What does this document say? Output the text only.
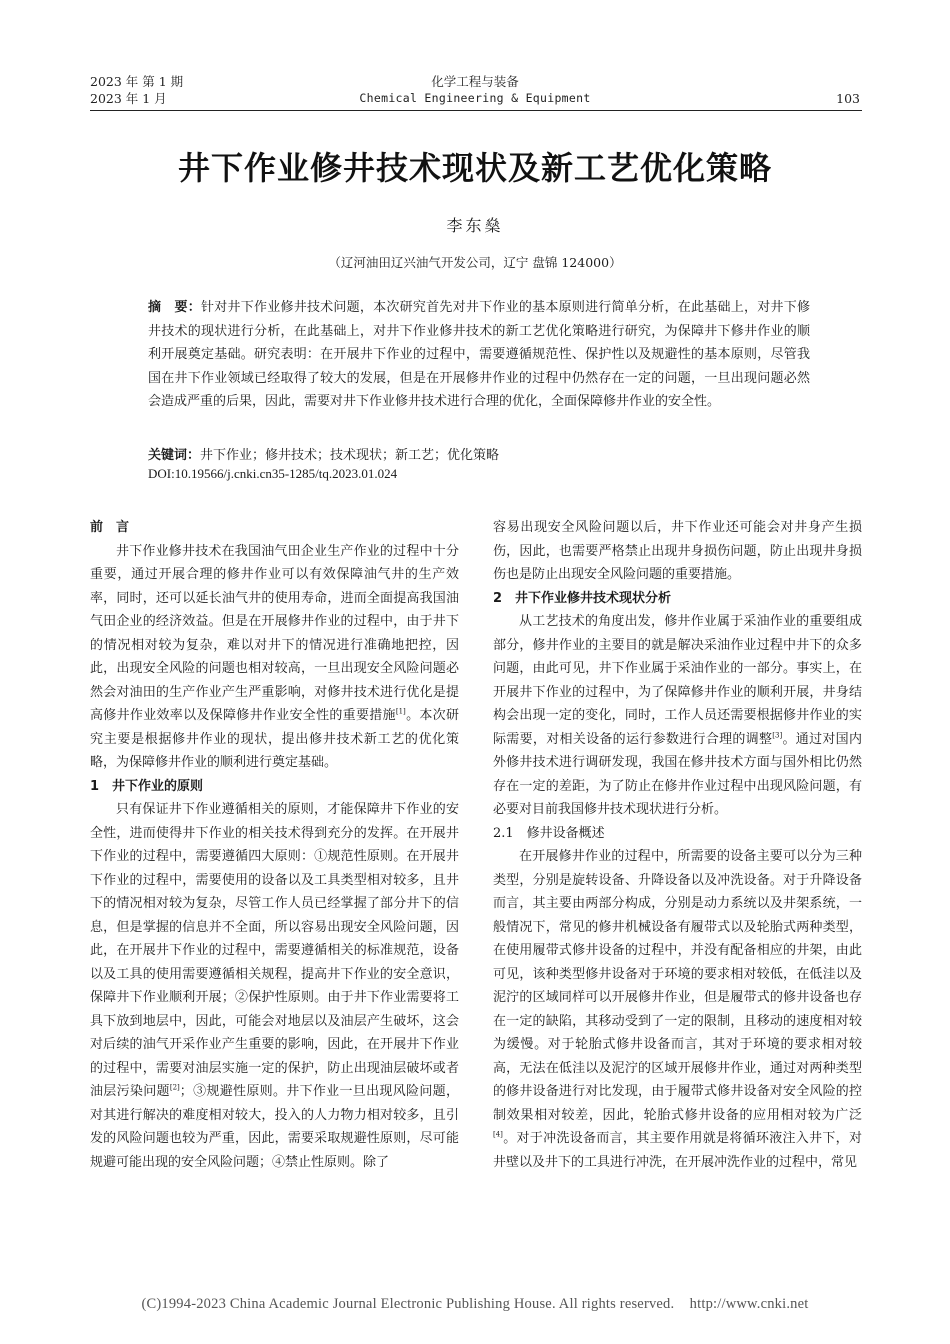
2023 年 第 1 期
2023 年 1 月
化学工程与装备
Chemical Engineering & Equipment	103
井下作业修井技术现状及新工艺优化策略
李东燊
（辽河油田辽兴油气开发公司，辽宁 盘锦 124000）
摘　要：针对井下作业修井技术问题，本次研究首先对井下作业的基本原则进行简单分析，在此基础上，对井下修井技术的现状进行分析，在此基础上，对井下作业修井技术的新工艺优化策略进行研究，为保障井下修井作业的顺利开展奠定基础。研究表明：在开展井下作业的过程中，需要遵循规范性、保护性以及规避性的基本原则，尽管我国在井下作业领域已经取得了较大的发展，但是在开展修井作业的过程中仍然存在一定的问题，一旦出现问题必然会造成严重的后果，因此，需要对井下作业修井技术进行合理的优化，全面保障修井作业的安全性。
关键词：井下作业；修井技术；技术现状；新工艺；优化策略
DOI:10.19566/j.cnki.cn35-1285/tq.2023.01.024

前　言

井下作业修井技术在我国油气田企业生产作业的过程中十分重要，通过开展合理的修井作业可以有效保障油气井的生产效率，同时，还可以延长油气井的使用寿命，进而全面提高我国油气田企业的经济效益。但是在开展修井作业的过程中，由于井下的情况相对较为复杂，难以对井下的情况进行准确地把控，因此，出现安全风险的问题也相对较高，一旦出现安全风险问题必然会对油田的生产作业产生严重影响，对修井技术进行优化是提高修井作业效率以及保障修井作业安全性的重要措施[1]。本次研究主要是根据修井作业的现状，提出修井技术新工艺的优化策略，为保障修井作业的顺利进行奠定基础。

1　井下作业的原则

只有保证井下作业遵循相关的原则，才能保障井下作业的安全性，进而使得井下作业的相关技术得到充分的发挥。在开展井下作业的过程中，需要遵循四大原则：①规范性原则。在开展井下作业的过程中，需要使用的设备以及工具类型相对较多，且井下的情况相对较为复杂，尽管工作人员已经掌握了部分井下的信息，但是掌握的信息并不全面，所以容易出现安全风险问题，因此，在开展井下作业的过程中，需要遵循相关的标准规范，设备以及工具的使用需要遵循相关规程，提高井下作业的安全意识，保障井下作业顺利开展；②保护性原则。由于井下作业需要将工具下放到地层中，因此，可能会对地层以及油层产生破坏，这会对后续的油气开采作业产生重要的影响，因此，在开展井下作业的过程中，需要对油层实施一定的保护，防止出现油层破坏或者油层污染问题[2]；③规避性原则。井下作业一旦出现风险问题，对其进行解决的难度相对较大，投入的人力物力相对较多，且引发的风险问题也较为严重，因此，需要采取规避性原则，尽可能规避可能出现的安全风险问题；④禁止性原则。除了

容易出现安全风险问题以后，井下作业还可能会对井身产生损伤，因此，也需要严格禁止出现井身损伤问题，防止出现井身损伤也是防止出现安全风险问题的重要措施。

2　井下作业修井技术现状分析

从工艺技术的角度出发，修井作业属于采油作业的重要组成部分，修井作业的主要目的就是解决采油作业过程中井下的众多问题，由此可见，井下作业属于采油作业的一部分。事实上，在开展井下作业的过程中，为了保障修井作业的顺利开展，井身结构会出现一定的变化，同时，工作人员还需要根据修井作业的实际需要，对相关设备的运行参数进行合理的调整[3]。通过对国内外修井技术进行调研发现，我国在修井技术方面与国外相比仍然存在一定的差距，为了防止在修井作业过程中出现风险问题，有必要对目前我国修井技术现状进行分析。

2.1　修井设备概述

在开展修井作业的过程中，所需要的设备主要可以分为三种类型，分别是旋转设备、升降设备以及冲洗设备。对于升降设备而言，其主要由两部分构成，分别是动力系统以及井架系统，一般情况下，常见的修井机械设备有履带式以及轮胎式两种类型，在使用履带式修井设备的过程中，并没有配备相应的井架，由此可见，该种类型修井设备对于环境的要求相对较低，在低洼以及泥泞的区域同样可以开展修井作业，但是履带式的修井设备也存在一定的缺陷，其移动受到了一定的限制，且移动的速度相对较为缓慢。对于轮胎式修井设备而言，其对于环境的要求相对较高，无法在低洼以及泥泞的区域开展修井作业，通过对两种类型的修井设备进行对比发现，由于履带式修井设备对安全风险的控制效果相对较差，因此，轮胎式修井设备的应用相对较为广泛[4]。对于冲洗设备而言，其主要作用就是将循环液注入井下，对井壁以及井下的工具进行冲洗，在开展冲洗作业的过程中，常见

(C)1994-2023 China Academic Journal Electronic Publishing House. All rights reserved. http://www.cnki.net
